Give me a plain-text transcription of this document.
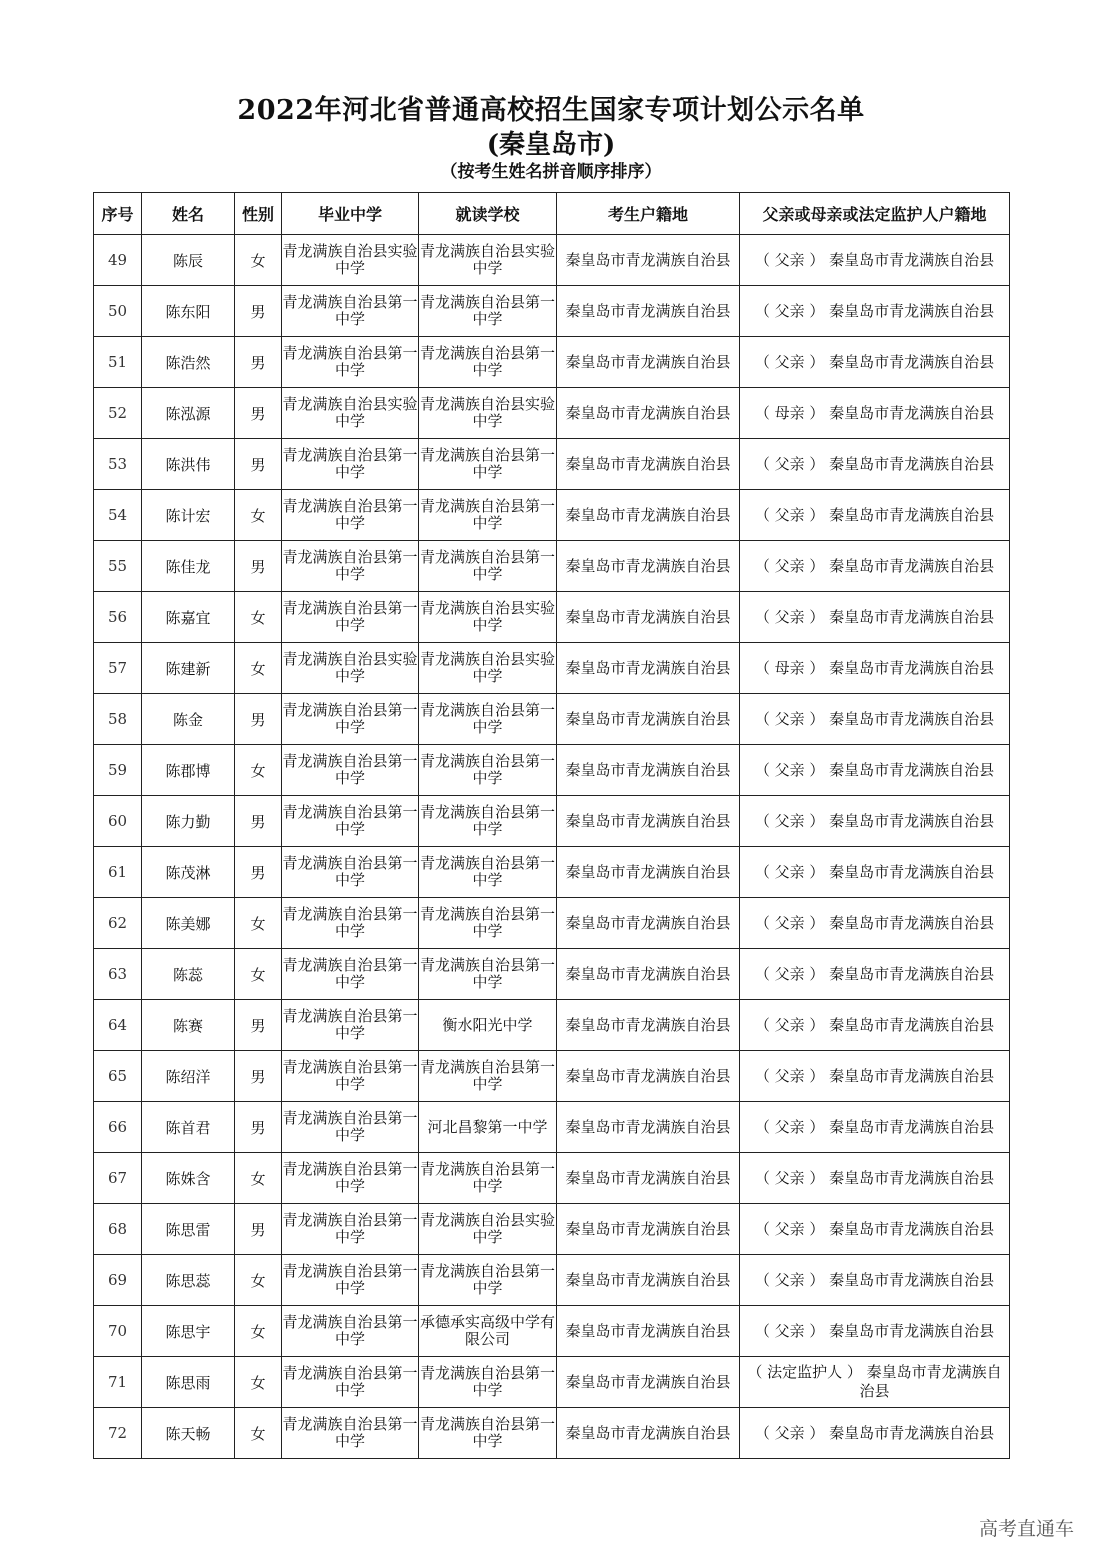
2022年河北省普通高校招生国家专项计划公示名单
(秦皇岛市)
（按考生姓名拼音顺序排序）
序号	姓名	性别	毕业中学	就读学校	考生户籍地	父亲或母亲或法定监护人户籍地
49	陈辰	女	青龙满族自治县实验中学	青龙满族自治县实验中学	秦皇岛市青龙满族自治县	（ 父亲 ） 秦皇岛市青龙满族自治县
50	陈东阳	男	青龙满族自治县第一中学	青龙满族自治县第一中学	秦皇岛市青龙满族自治县	（ 父亲 ） 秦皇岛市青龙满族自治县
51	陈浩然	男	青龙满族自治县第一中学	青龙满族自治县第一中学	秦皇岛市青龙满族自治县	（ 父亲 ） 秦皇岛市青龙满族自治县
52	陈泓源	男	青龙满族自治县实验中学	青龙满族自治县实验中学	秦皇岛市青龙满族自治县	（ 母亲 ） 秦皇岛市青龙满族自治县
53	陈洪伟	男	青龙满族自治县第一中学	青龙满族自治县第一中学	秦皇岛市青龙满族自治县	（ 父亲 ） 秦皇岛市青龙满族自治县
54	陈计宏	女	青龙满族自治县第一中学	青龙满族自治县第一中学	秦皇岛市青龙满族自治县	（ 父亲 ） 秦皇岛市青龙满族自治县
55	陈佳龙	男	青龙满族自治县第一中学	青龙满族自治县第一中学	秦皇岛市青龙满族自治县	（ 父亲 ） 秦皇岛市青龙满族自治县
56	陈嘉宜	女	青龙满族自治县第一中学	青龙满族自治县实验中学	秦皇岛市青龙满族自治县	（ 父亲 ） 秦皇岛市青龙满族自治县
57	陈建新	女	青龙满族自治县实验中学	青龙满族自治县实验中学	秦皇岛市青龙满族自治县	（ 母亲 ） 秦皇岛市青龙满族自治县
58	陈金	男	青龙满族自治县第一中学	青龙满族自治县第一中学	秦皇岛市青龙满族自治县	（ 父亲 ） 秦皇岛市青龙满族自治县
59	陈郡博	女	青龙满族自治县第一中学	青龙满族自治县第一中学	秦皇岛市青龙满族自治县	（ 父亲 ） 秦皇岛市青龙满族自治县
60	陈力勤	男	青龙满族自治县第一中学	青龙满族自治县第一中学	秦皇岛市青龙满族自治县	（ 父亲 ） 秦皇岛市青龙满族自治县
61	陈茂淋	男	青龙满族自治县第一中学	青龙满族自治县第一中学	秦皇岛市青龙满族自治县	（ 父亲 ） 秦皇岛市青龙满族自治县
62	陈美娜	女	青龙满族自治县第一中学	青龙满族自治县第一中学	秦皇岛市青龙满族自治县	（ 父亲 ） 秦皇岛市青龙满族自治县
63	陈蕊	女	青龙满族自治县第一中学	青龙满族自治县第一中学	秦皇岛市青龙满族自治县	（ 父亲 ） 秦皇岛市青龙满族自治县
64	陈赛	男	青龙满族自治县第一中学	衡水阳光中学	秦皇岛市青龙满族自治县	（ 父亲 ） 秦皇岛市青龙满族自治县
65	陈绍洋	男	青龙满族自治县第一中学	青龙满族自治县第一中学	秦皇岛市青龙满族自治县	（ 父亲 ） 秦皇岛市青龙满族自治县
66	陈首君	男	青龙满族自治县第一中学	河北昌黎第一中学	秦皇岛市青龙满族自治县	（ 父亲 ） 秦皇岛市青龙满族自治县
67	陈姝含	女	青龙满族自治县第一中学	青龙满族自治县第一中学	秦皇岛市青龙满族自治县	（ 父亲 ） 秦皇岛市青龙满族自治县
68	陈思雷	男	青龙满族自治县第一中学	青龙满族自治县实验中学	秦皇岛市青龙满族自治县	（ 父亲 ） 秦皇岛市青龙满族自治县
69	陈思蕊	女	青龙满族自治县第一中学	青龙满族自治县第一中学	秦皇岛市青龙满族自治县	（ 父亲 ） 秦皇岛市青龙满族自治县
70	陈思宇	女	青龙满族自治县第一中学	承德承实高级中学有限公司	秦皇岛市青龙满族自治县	（ 父亲 ） 秦皇岛市青龙满族自治县
71	陈思雨	女	青龙满族自治县第一中学	青龙满族自治县第一中学	秦皇岛市青龙满族自治县	（ 法定监护人 ） 秦皇岛市青龙满族自治县
72	陈天畅	女	青龙满族自治县第一中学	青龙满族自治县第一中学	秦皇岛市青龙满族自治县	（ 父亲 ） 秦皇岛市青龙满族自治县
高考直通车
